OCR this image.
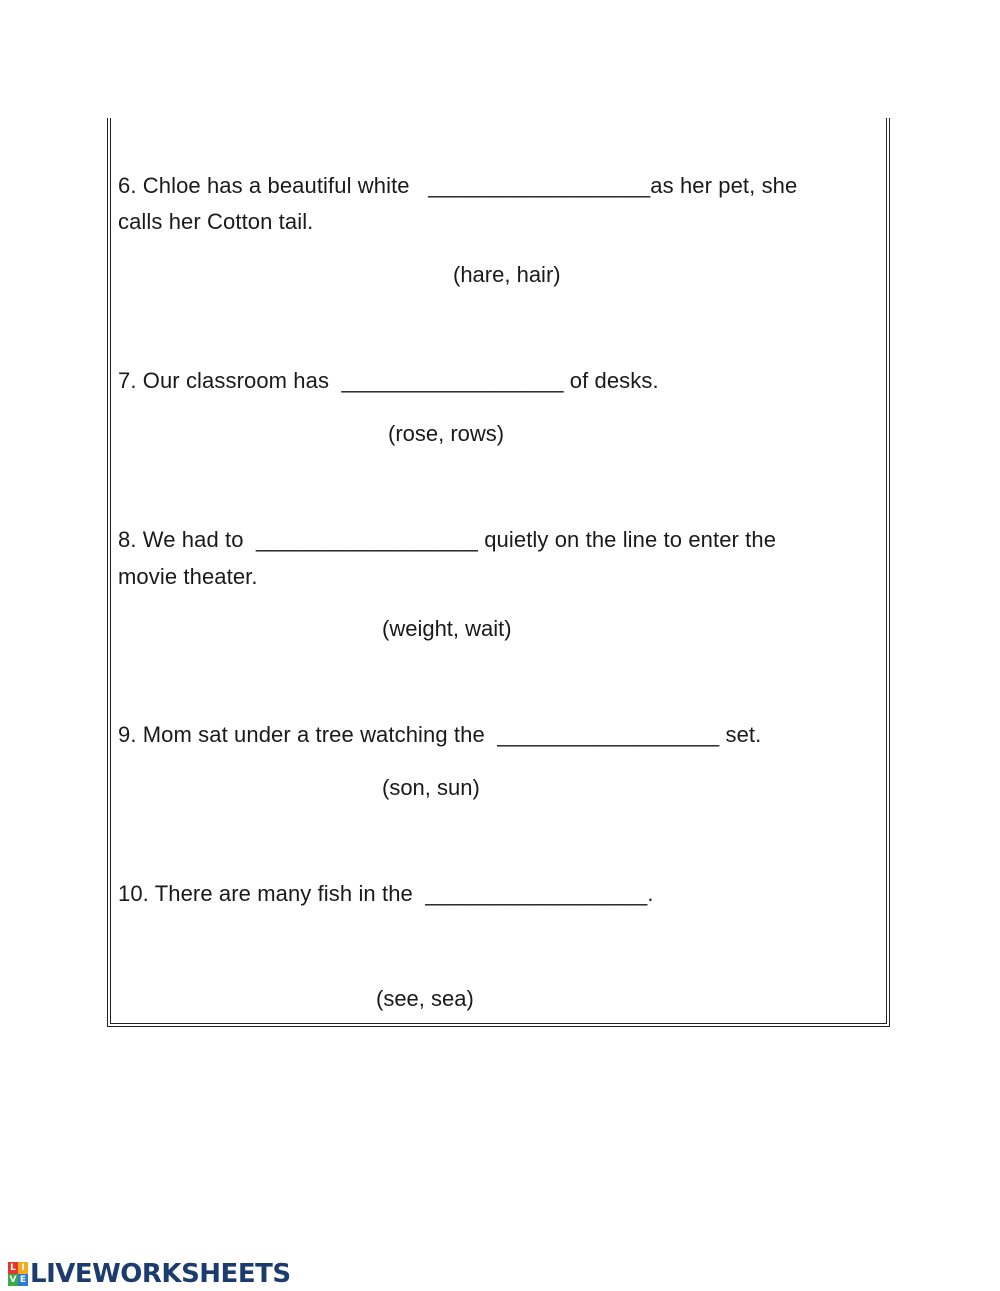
6. Chloe has a beautiful white   __________________as her pet, she
calls her Cotton tail.
(hare, hair)
7. Our classroom has  __________________ of desks.
(rose, rows)
8. We had to  __________________ quietly on the line to enter the
movie theater.
(weight, wait)
9. Mom sat under a tree watching the  __________________ set.
(son, sun)
10. There are many fish in the  __________________.
(see, sea)
L I
V E LIVEWORKSHEETS
